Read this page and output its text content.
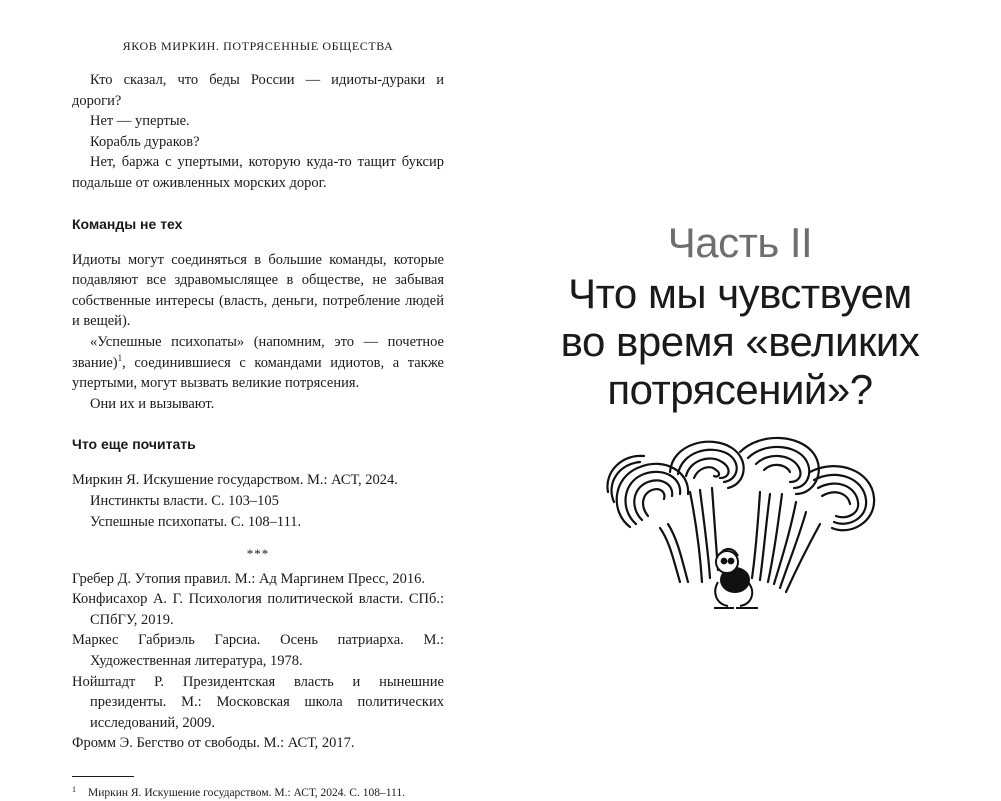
ЯКОВ МИРКИН. ПОТРЯСЕННЫЕ ОБЩЕСТВА

Кто сказал, что беды России — идиоты-дураки и дороги?

Нет — упертые.

Корабль дураков?

Нет, баржа с упертыми, которую куда-то тащит буксир подальше от оживленных морских дорог.

Команды не тех

Идиоты могут соединяться в большие команды, которые подавляют все здравомыслящее в обществе, не забывая собственные интересы (власть, деньги, потребление людей и вещей).

«Успешные психопаты» (напомним, это — почетное звание)$^1$, соединившиеся с командами идиотов, а также упертыми, могут вызвать великие потрясения.

Они их и вызывают.

Что еще почитать

Миркин Я. Искушение государством. М.: АСТ, 2024.

Инстинкты власти. С. 103–105

Успешные психопаты. С. 108–111.

***

Гребер Д. Утопия правил. М.: Ад Маргинем Пресс, 2016.

Конфисахор А. Г. Психология политической власти. СПб.: СПбГУ, 2019.

Маркес Габриэль Гарсиа. Осень патриарха. М.: Художественная литература, 1978.

Нойштадт Р. Президентская власть и нынешние президенты. М.: Московская школа политических исследований, 2009.

Фромм Э. Бегство от свободы. М.: АСТ, 2017.

1 Миркин Я. Искушение государством. М.: АСТ, 2024. С. 108–111.

Часть II

Что мы чувствуем
во время «великих
потрясений»?
